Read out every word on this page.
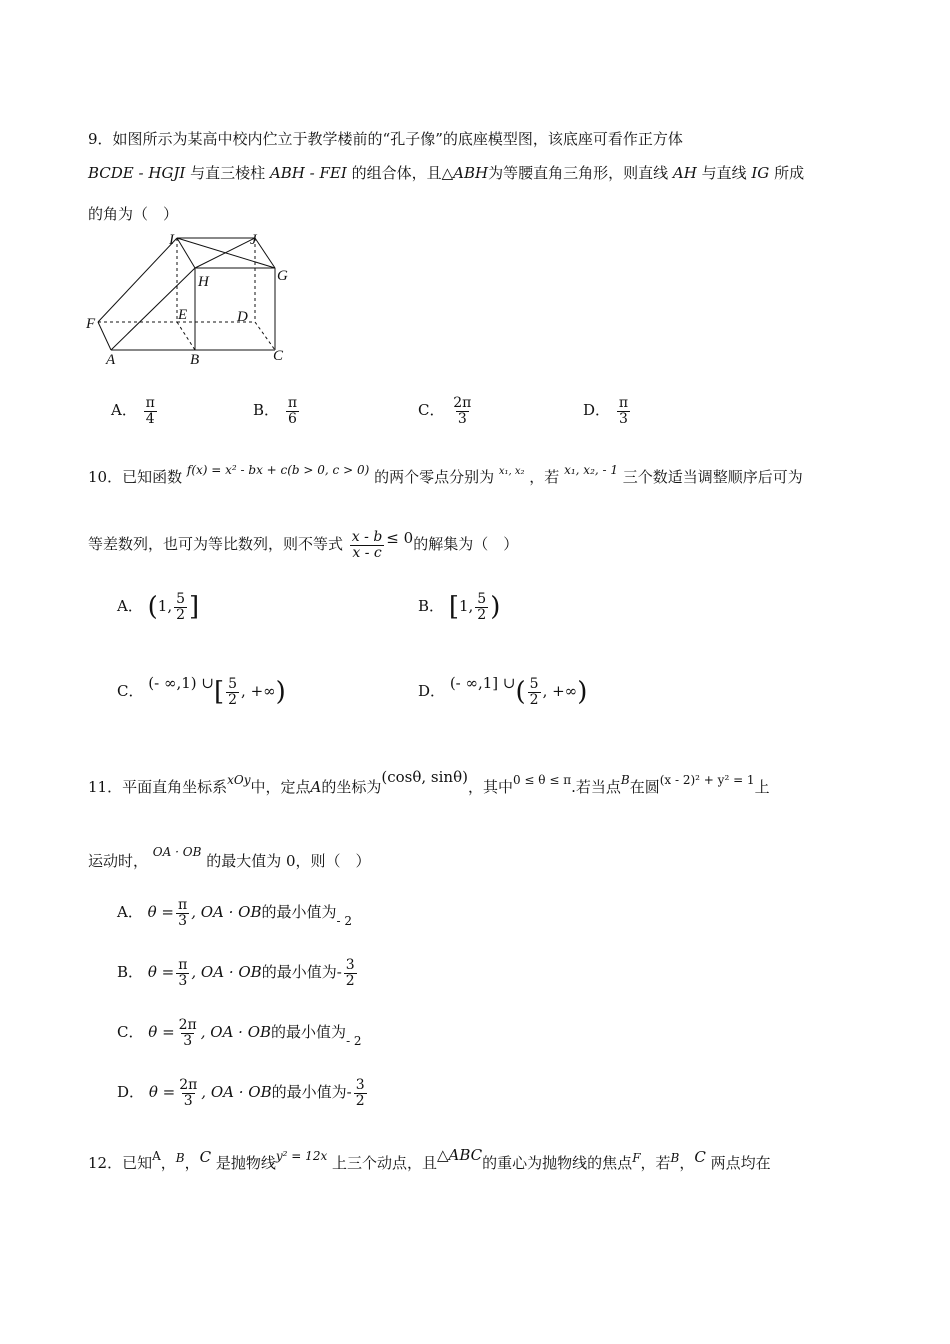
9．如图所示为某高中校内伫立于教学楼前的“孔子像”的底座模型图，该底座可看作正方体
BCDE - HGJI 与直三棱柱 ABH - FEI 的组合体，且△ABH为等腰直角三角形，则直线 AH 与直线 IG 所成
的角为（　）
I	J
H	G
F
E	D
A	B	C
A． $\frac{\pi}{4}$	B． $\frac{\pi}{6}$	C． $\frac{2\pi}{3}$	D． $\frac{\pi}{3}$
10．已知函数 $^{f(x) = x^2 - bx + c(b > 0, c > 0)}$ 的两个零点分别为 $^{x_1, x_2}$ ，若 $^{x_1, x_2, - 1}$ 三个数适当调整顺序后可为
等差数列，也可为等比数列，则不等式 $\frac{x - b}{x - c} \le 0$的解集为（　）
A． (1, $\frac{5}{2}$ ]	B． [1, $\frac{5}{2}$ )
C． (- ∞,1) ∪[ $\frac{5}{2}$ , +∞)	D． (- ∞,1] ∪( $\frac{5}{2}$ , +∞)
11．平面直角坐标系$^{xOy}$中，定点A的坐标为(cosθ, sinθ)，其中$^{0 \le \theta \le \pi}$.若当点$^B$在圆$^{(x - 2)^2 + y^2 = 1}$上
运动时， $^{OA \cdot OB}$ 的最大值为 0，则（　）
A． $\theta = \frac{\pi}{3}$ , OA · OB的最小值为$_{- 2}$
B． $\theta = \frac{\pi}{3}$ , OA · OB的最小值为- $\frac{3}{2}$
C． $\theta = \frac{2\pi}{3}$ , OA · OB的最小值为$_{- 2}$
D． $\theta = \frac{2\pi}{3}$ , OA · OB的最小值为- $\frac{3}{2}$
12．已知$^A$，$^B$，C 是抛物线$^{y^2 = 12x}$ 上三个动点，且△ABC的重心为抛物线的焦点$^F$，若$^B$，C 两点均在
